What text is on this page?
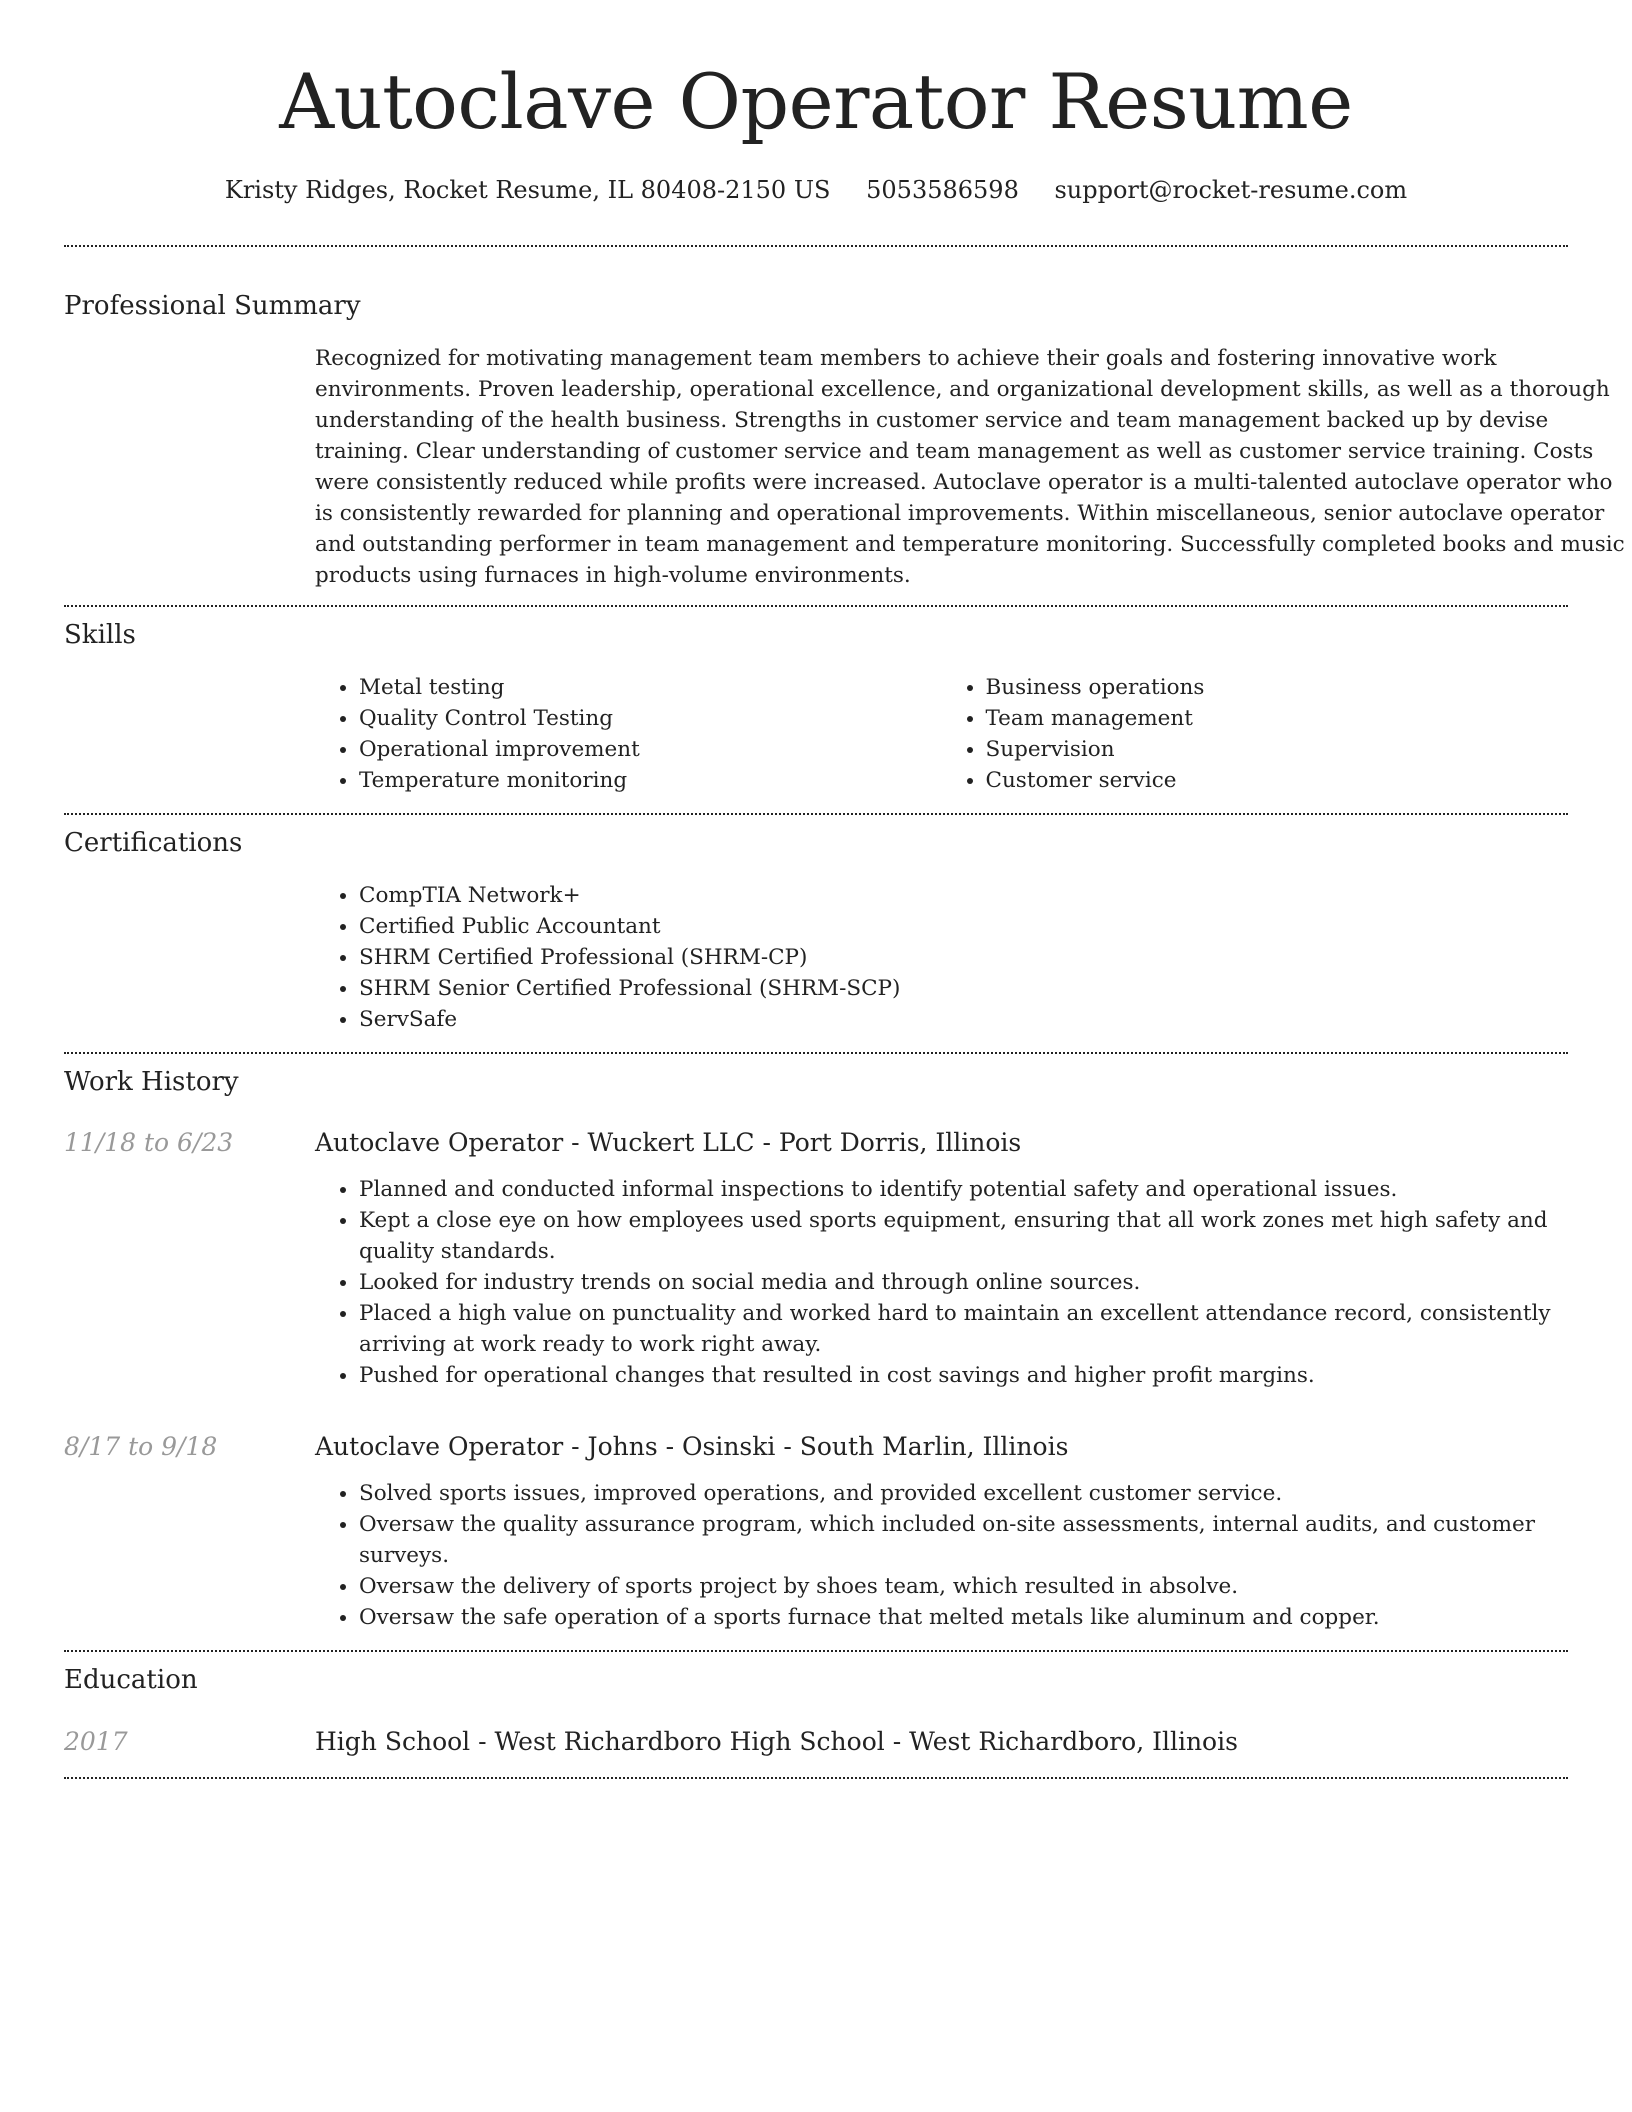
Autoclave Operator Resume
Kristy Ridges, Rocket Resume, IL 80408-2150 US 5053586598 support@rocket-resume.com
Professional Summary

Recognized for motivating management team members to achieve their goals and fostering innovative work environments. Proven leadership, operational excellence, and organizational development skills, as well as a thorough understanding of the health business. Strengths in customer service and team management backed up by devise training. Clear understanding of customer service and team management as well as customer service training. Costs were consistently reduced while profits were increased. Autoclave operator is a multi-talented autoclave operator who is consistently rewarded for planning and operational improvements. Within miscellaneous, senior autoclave operator and outstanding performer in team management and temperature monitoring. Successfully completed books and music products using furnaces in high-volume environments.

Skills
• Metal testing
• Quality Control Testing
• Operational improvement
• Temperature monitoring
• Business operations
• Team management
• Supervision
• Customer service
Certifications
• CompTIA Network+
• Certified Public Accountant
• SHRM Certified Professional (SHRM-CP)
• SHRM Senior Certified Professional (SHRM-SCP)
• ServSafe
Work History
11/18 to 6/23	Autoclave Operator - Wuckert LLC - Port Dorris, Illinois
• Planned and conducted informal inspections to identify potential safety and operational issues.
• Kept a close eye on how employees used sports equipment, ensuring that all work zones met high safety and quality standards.
• Looked for industry trends on social media and through online sources.
• Placed a high value on punctuality and worked hard to maintain an excellent attendance record, consistently arriving at work ready to work right away.
• Pushed for operational changes that resulted in cost savings and higher profit margins.
8/17 to 9/18	Autoclave Operator - Johns - Osinski - South Marlin, Illinois
• Solved sports issues, improved operations, and provided excellent customer service.
• Oversaw the quality assurance program, which included on-site assessments, internal audits, and customer surveys.
• Oversaw the delivery of sports project by shoes team, which resulted in absolve.
• Oversaw the safe operation of a sports furnace that melted metals like aluminum and copper.
Education
2017	High School - West Richardboro High School - West Richardboro, Illinois
